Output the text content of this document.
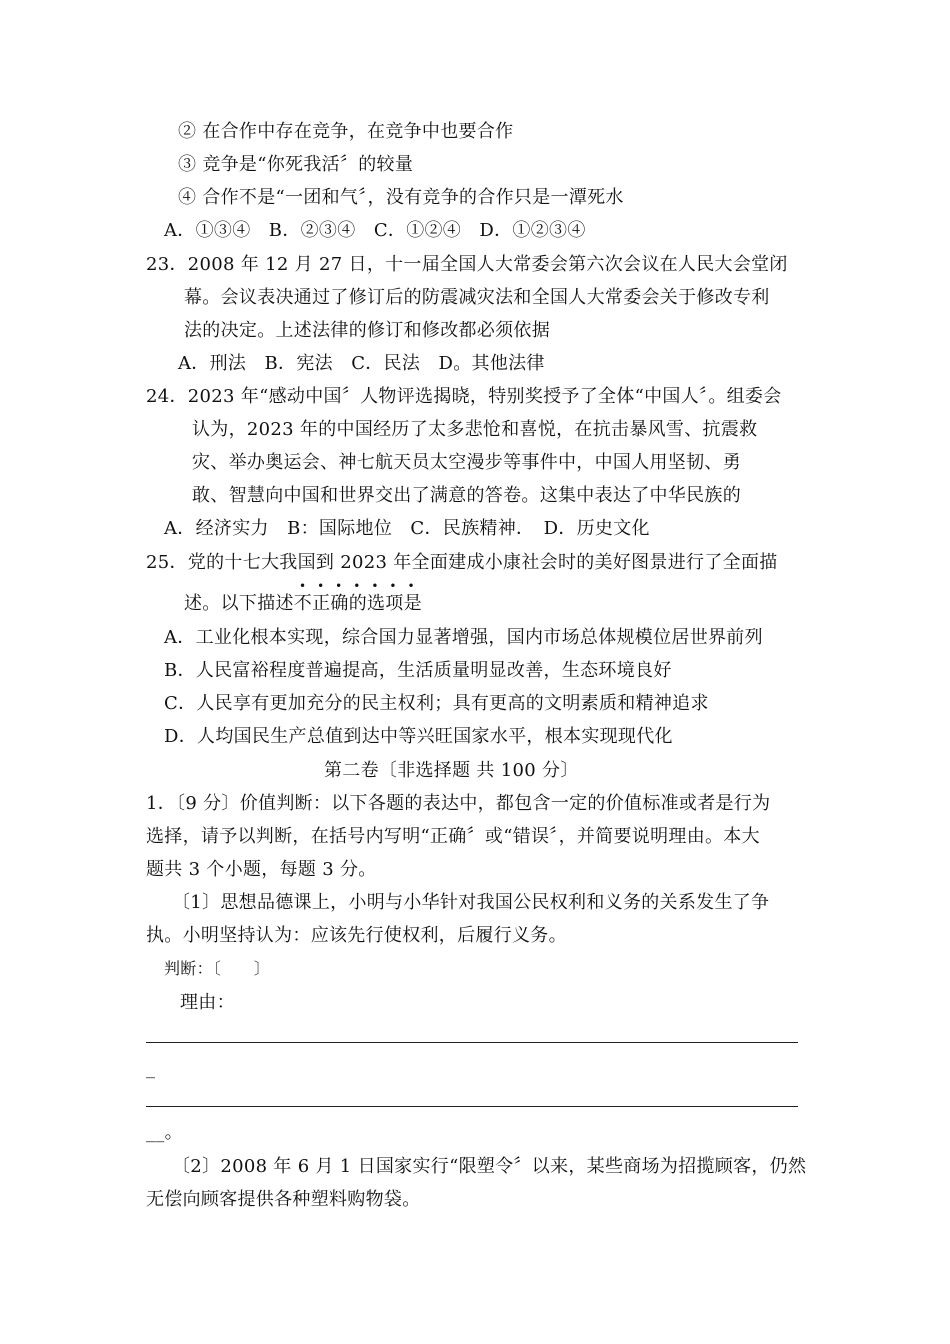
② 在合作中存在竞争，在竞争中也要合作
③ 竞争是“你死我活〞的较量
④ 合作不是“一团和气〞，没有竞争的合作只是一潭死水
A．①③④　B．②③④　C．①②④　D．①②③④
23．2008 年 12 月 27 日，十一届全国人大常委会第六次会议在人民大会堂闭
幕。会议表决通过了修订后的防震减灾法和全国人大常委会关于修改专利
法的决定。上述法律的修订和修改都必须依据
A．刑法　B．宪法　C．民法　D。其他法律
24．2023 年“感动中国〞人物评选揭晓，特别奖授予了全体“中国人〞。组委会
认为，2023 年的中国经历了太多悲怆和喜悦，在抗击暴风雪、抗震救
灾、举办奥运会、神七航天员太空漫步等事件中，中国人用坚韧、勇
敢、智慧向中国和世界交出了满意的答卷。这集中表达了中华民族的
A．经济实力　B：国际地位　C．民族精神．　D．历史文化
25．党的十七大我国到 2023 年全面建成小康社会时的美好图景进行了全面描
•••••••
述。以下描述不正确的选项是
A．工业化根本实现，综合国力显著增强，国内市场总体规模位居世界前列
B．人民富裕程度普遍提高，生活质量明显改善，生态环境良好
C．人民享有更加充分的民主权利；具有更高的文明素质和精神追求
D．人均国民生产总值到达中等兴旺国家水平，根本实现现代化
第二卷〔非选择题 共 100 分〕
1．〔9 分〕价值判断：以下各题的表达中，都包含一定的价值标准或者是行为
选择，请予以判断，在括号内写明“正确〞或“错误〞，并简要说明理由。本大
题共 3 个小题，每题 3 分。
〔1〕思想品德课上，小明与小华针对我国公民权利和义务的关系发生了争
执。小明坚持认为：应该先行使权利，后履行义务。
判断：〔　　〕
理由：
_
__。
〔2〕2008 年 6 月 1 日国家实行“限塑令〞以来，某些商场为招揽顾客，仍然
无偿向顾客提供各种塑料购物袋。
